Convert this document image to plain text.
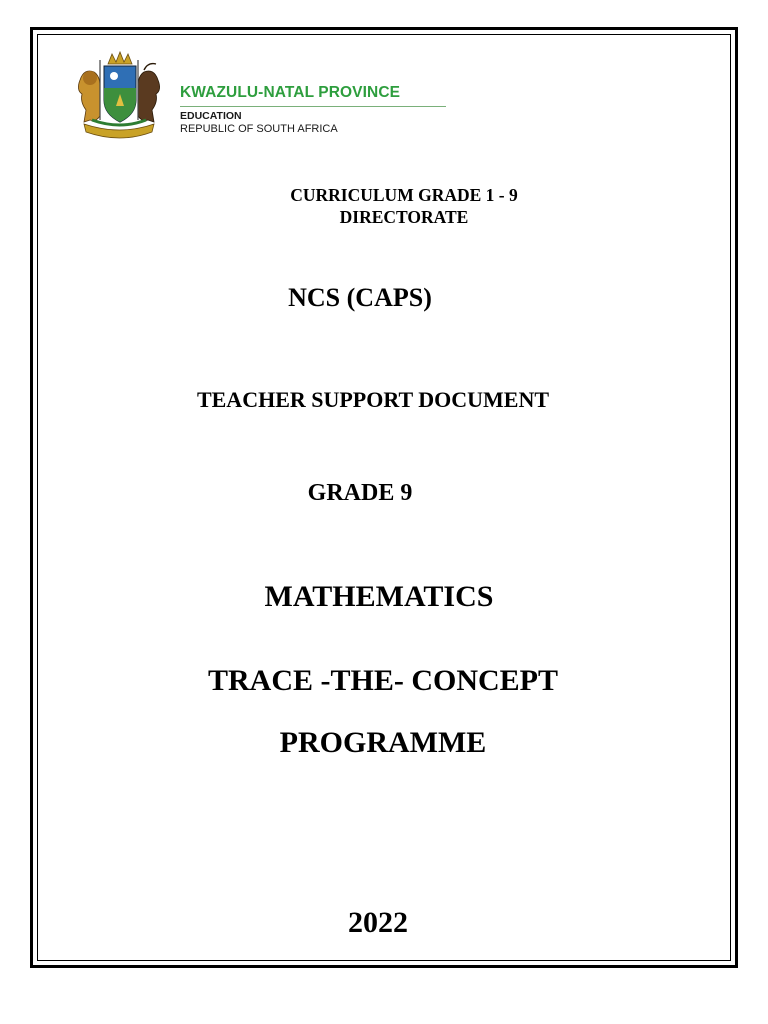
KWAZULU-NATAL PROVINCE
EDUCATION
REPUBLIC OF SOUTH AFRICA
CURRICULUM GRADE 1 - 9
DIRECTORATE
NCS (CAPS)
TEACHER SUPPORT DOCUMENT
GRADE 9
MATHEMATICS
TRACE -THE- CONCEPT
PROGRAMME
2022
